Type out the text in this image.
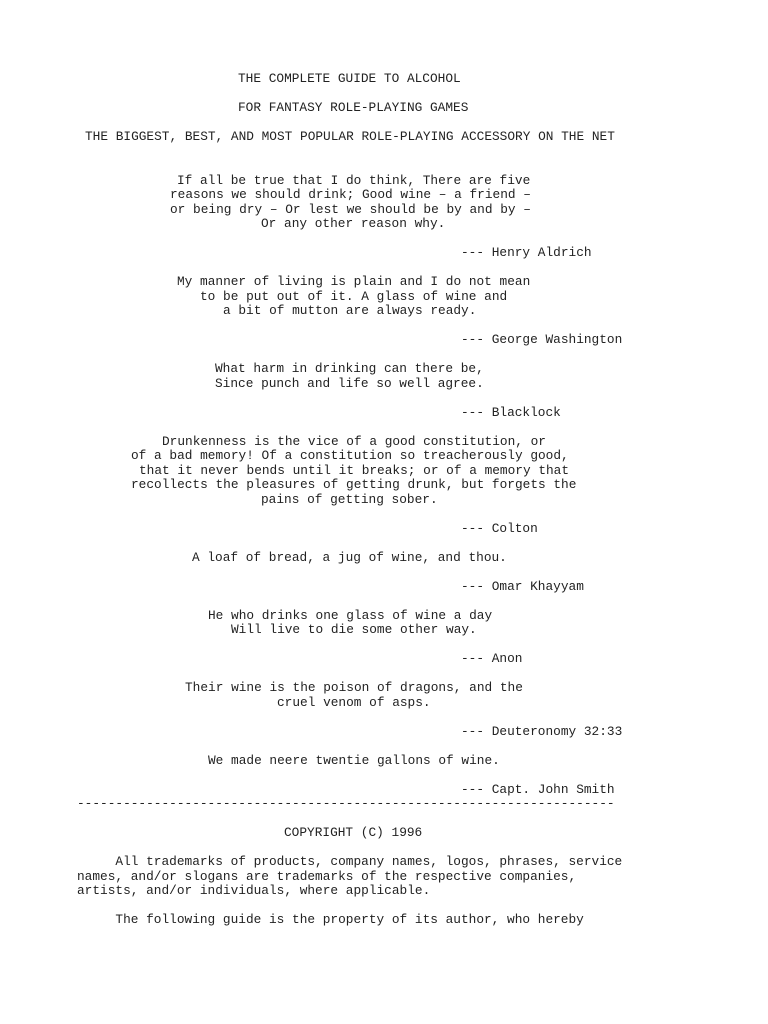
THE COMPLETE GUIDE TO ALCOHOL

FOR FANTASY ROLE-PLAYING GAMES

THE BIGGEST, BEST, AND MOST POPULAR ROLE-PLAYING ACCESSORY ON THE NET

If all be true that I do think, There are five
reasons we should drink; Good wine – a friend –
or being dry – Or lest we should be by and by –
Or any other reason why.

--- Henry Aldrich

My manner of living is plain and I do not mean
to be put out of it. A glass of wine and
a bit of mutton are always ready.

--- George Washington

What harm in drinking can there be,
Since punch and life so well agree.

--- Blacklock

Drunkenness is the vice of a good constitution, or
of a bad memory! Of a constitution so treacherously good,
that it never bends until it breaks; or of a memory that
recollects the pleasures of getting drunk, but forgets the
pains of getting sober.

--- Colton

A loaf of bread, a jug of wine, and thou.

--- Omar Khayyam

He who drinks one glass of wine a day
Will live to die some other way.

--- Anon

Their wine is the poison of dragons, and the
cruel venom of asps.

--- Deuteronomy 32:33

We made neere twentie gallons of wine.

--- Capt. John Smith
----------------------------------------------------------------------

COPYRIGHT (C) 1996

All trademarks of products, company names, logos, phrases, service
names, and/or slogans are trademarks of the respective companies,
artists, and/or individuals, where applicable.

The following guide is the property of its author, who hereby
